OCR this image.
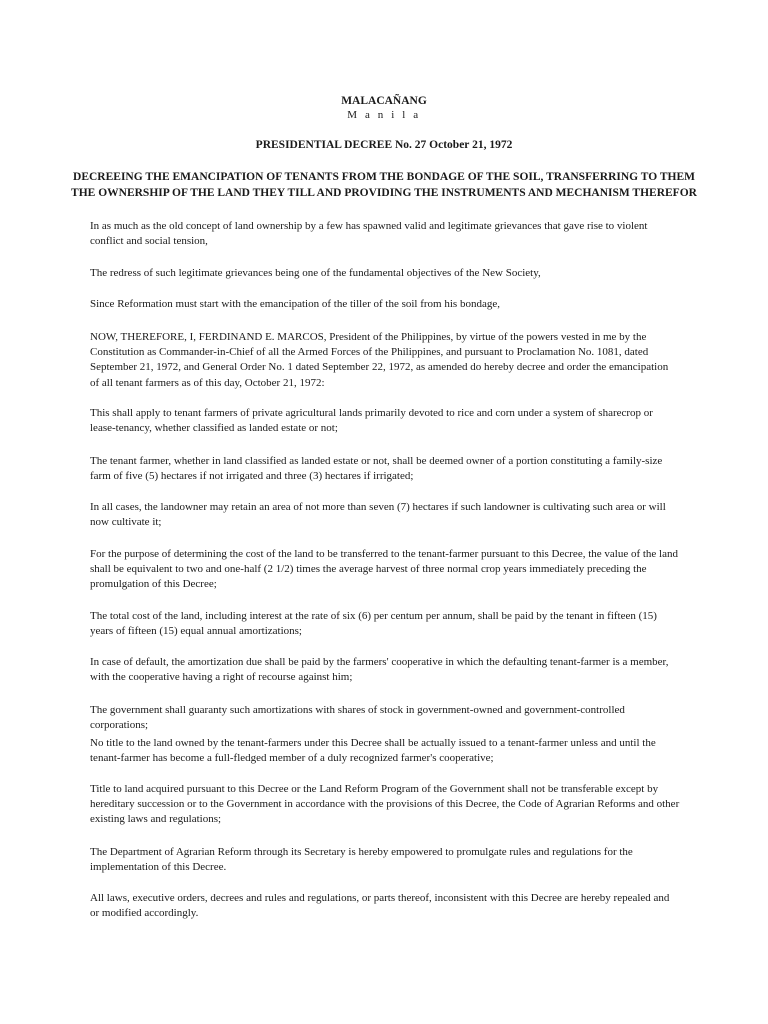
MALACAÑANG
M a n i l a
PRESIDENTIAL DECREE No. 27 October 21, 1972
DECREEING THE EMANCIPATION OF TENANTS FROM THE BONDAGE OF THE SOIL, TRANSFERRING TO THEM
THE OWNERSHIP OF THE LAND THEY TILL AND PROVIDING THE INSTRUMENTS AND MECHANISM THEREFOR

In as much as the old concept of land ownership by a few has spawned valid and legitimate grievances that gave rise to violent conflict and social tension,

The redress of such legitimate grievances being one of the fundamental objectives of the New Society,

Since Reformation must start with the emancipation of the tiller of the soil from his bondage,

NOW, THEREFORE, I, FERDINAND E. MARCOS, President of the Philippines, by virtue of the powers vested in me by the Constitution as Commander-in-Chief of all the Armed Forces of the Philippines, and pursuant to Proclamation No. 1081, dated September 21, 1972, and General Order No. 1 dated September 22, 1972, as amended do hereby decree and order the emancipation of all tenant farmers as of this day, October 21, 1972:

This shall apply to tenant farmers of private agricultural lands primarily devoted to rice and corn under a system of sharecrop or lease-tenancy, whether classified as landed estate or not;

The tenant farmer, whether in land classified as landed estate or not, shall be deemed owner of a portion constituting a family-size farm of five (5) hectares if not irrigated and three (3) hectares if irrigated;

In all cases, the landowner may retain an area of not more than seven (7) hectares if such landowner is cultivating such area or will now cultivate it;

For the purpose of determining the cost of the land to be transferred to the tenant-farmer pursuant to this Decree, the value of the land shall be equivalent to two and one-half (2 1/2) times the average harvest of three normal crop years immediately preceding the promulgation of this Decree;

The total cost of the land, including interest at the rate of six (6) per centum per annum, shall be paid by the tenant in fifteen (15) years of fifteen (15) equal annual amortizations;

In case of default, the amortization due shall be paid by the farmers' cooperative in which the defaulting tenant-farmer is a member, with the cooperative having a right of recourse against him;

The government shall guaranty such amortizations with shares of stock in government-owned and government-controlled corporations;

No title to the land owned by the tenant-farmers under this Decree shall be actually issued to a tenant-farmer unless and until the tenant-farmer has become a full-fledged member of a duly recognized farmer's cooperative;

Title to land acquired pursuant to this Decree or the Land Reform Program of the Government shall not be transferable except by hereditary succession or to the Government in accordance with the provisions of this Decree, the Code of Agrarian Reforms and other existing laws and regulations;

The Department of Agrarian Reform through its Secretary is hereby empowered to promulgate rules and regulations for the implementation of this Decree.

All laws, executive orders, decrees and rules and regulations, or parts thereof, inconsistent with this Decree are hereby repealed and or modified accordingly.
